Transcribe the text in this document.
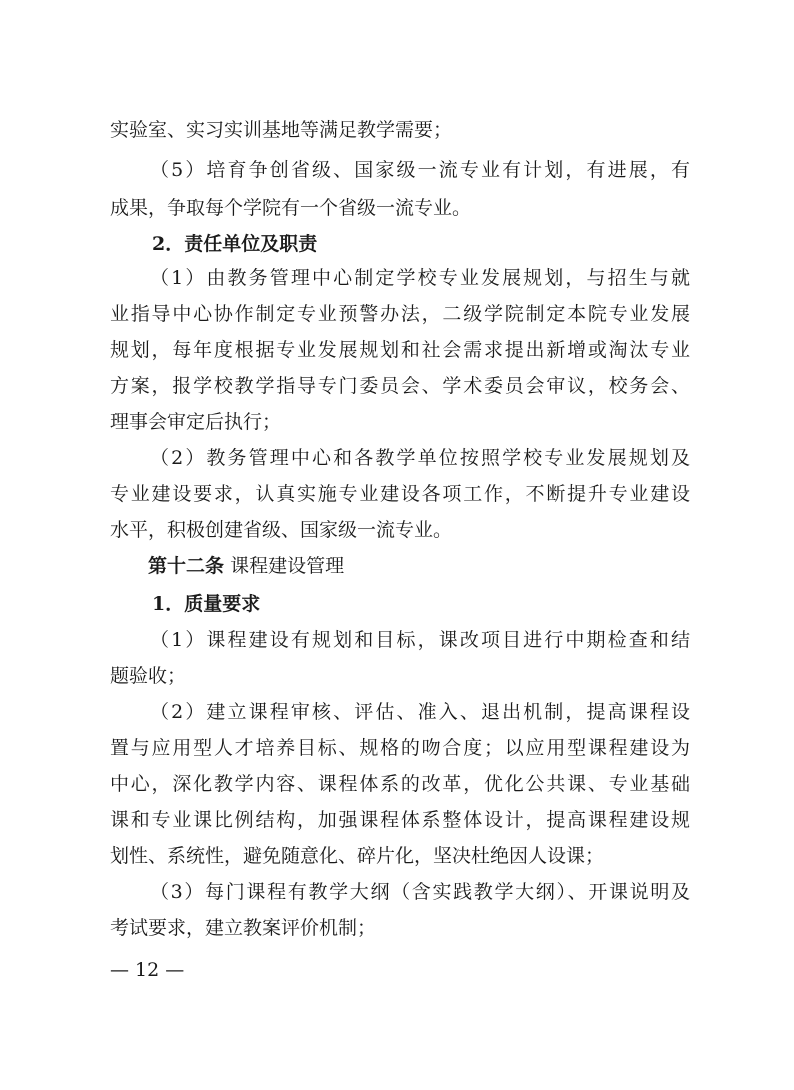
实验室、实习实训基地等满足教学需要；
（5）培育争创省级、国家级一流专业有计划，有进展，有
成果，争取每个学院有一个省级一流专业。
2．责任单位及职责
（1）由教务管理中心制定学校专业发展规划，与招生与就
业指导中心协作制定专业预警办法，二级学院制定本院专业发展
规划，每年度根据专业发展规划和社会需求提出新增或淘汰专业
方案，报学校教学指导专门委员会、学术委员会审议，校务会、
理事会审定后执行；
（2）教务管理中心和各教学单位按照学校专业发展规划及
专业建设要求，认真实施专业建设各项工作，不断提升专业建设
水平，积极创建省级、国家级一流专业。
第十二条 课程建设管理
1．质量要求
（1）课程建设有规划和目标，课改项目进行中期检查和结
题验收；
（2）建立课程审核、评估、准入、退出机制，提高课程设
置与应用型人才培养目标、规格的吻合度；以应用型课程建设为
中心，深化教学内容、课程体系的改革，优化公共课、专业基础
课和专业课比例结构，加强课程体系整体设计，提高课程建设规
划性、系统性，避免随意化、碎片化，坚决杜绝因人设课；
（3）每门课程有教学大纲（含实践教学大纲）、开课说明及
考试要求，建立教案评价机制；
— 12 —
